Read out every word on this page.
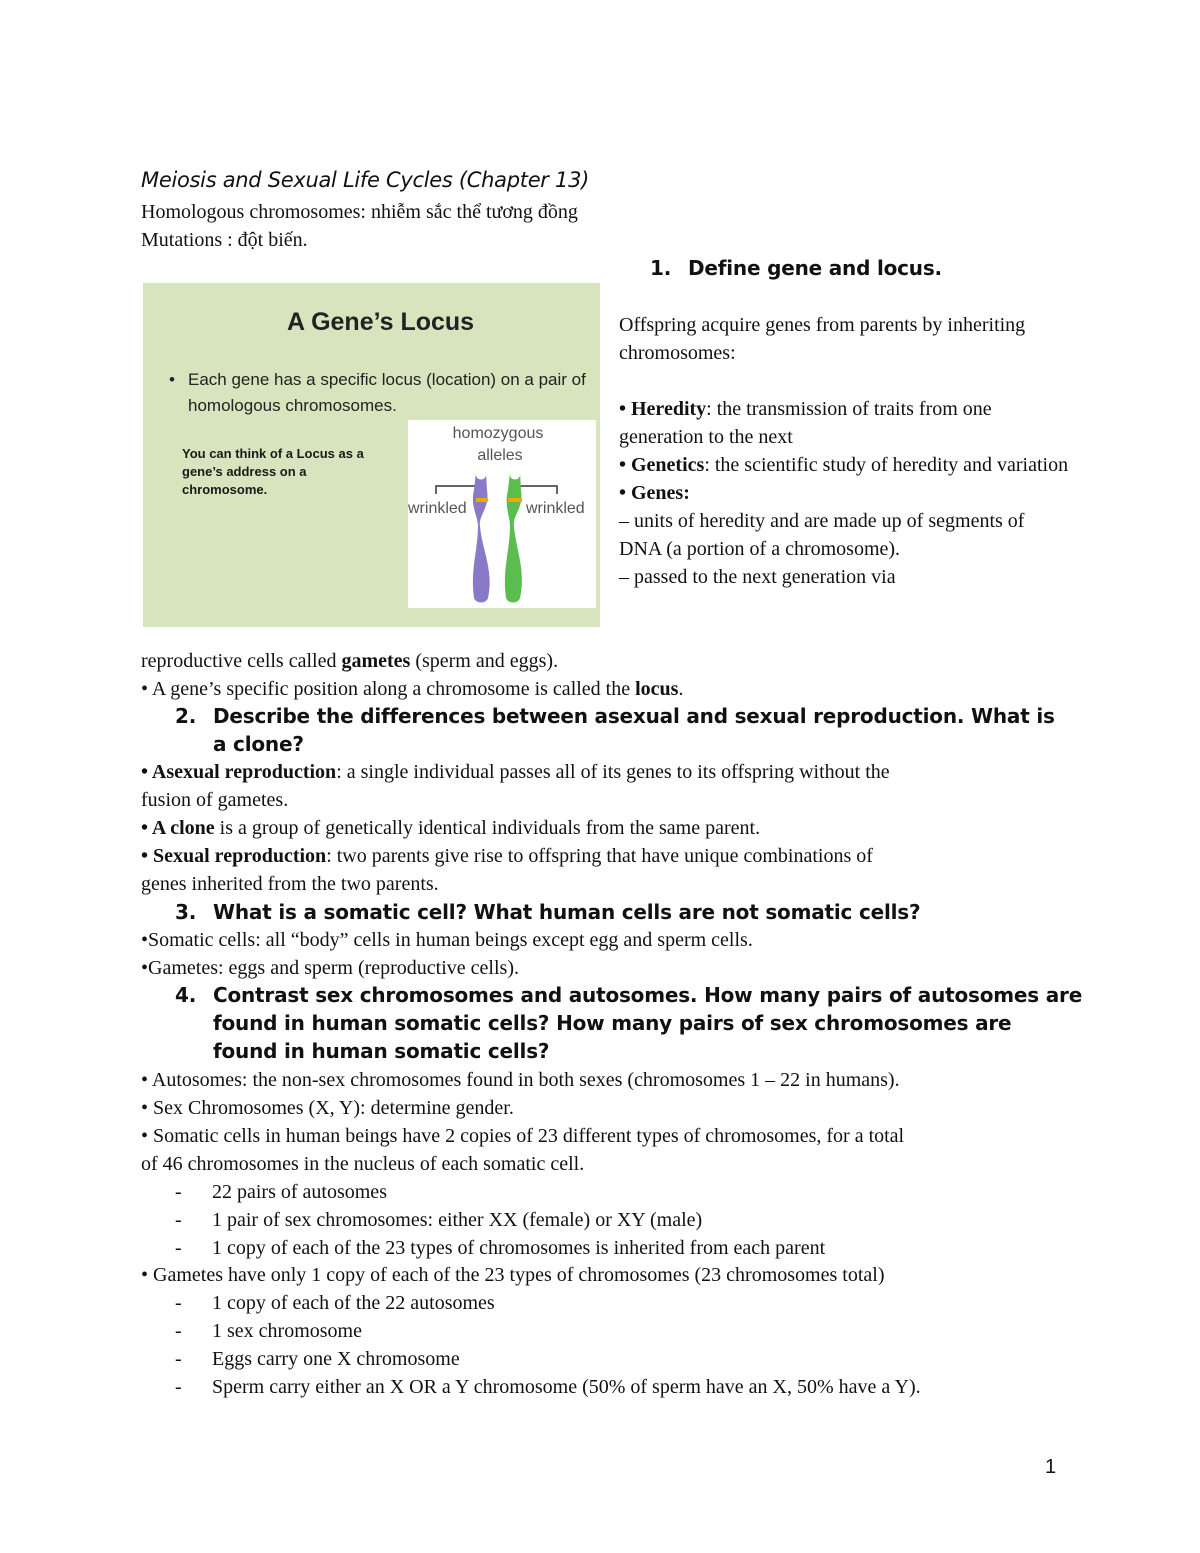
Meiosis and Sexual Life Cycles (Chapter 13)
Homologous chromosomes: nhiễm sắc thể tương đồng
Mutations : đột biến.
1. Define gene and locus.
A Gene’s Locus
• Each gene has a specific locus (location) on a pair of homologous chromosomes.
You can think of a Locus as a gene’s address on a chromosome.
homozygous
alleles
wrinkled	wrinkled

Offspring acquire genes from parents by inheriting chromosomes:

• Heredity: the transmission of traits from one generation to the next

• Genetics: the scientific study of heredity and variation

• Genes:

– units of heredity and are made up of segments of DNA (a portion of a chromosome).

– passed to the next generation via

reproductive cells called gametes (sperm and eggs).
• A gene’s specific position along a chromosome is called the locus.
2. Describe the differences between asexual and sexual reproduction. What is
a clone?
• Asexual reproduction: a single individual passes all of its genes to its offspring without the
fusion of gametes.
• A clone is a group of genetically identical individuals from the same parent.
• Sexual reproduction: two parents give rise to offspring that have unique combinations of
genes inherited from the two parents.
3. What is a somatic cell? What human cells are not somatic cells?
•Somatic cells: all “body” cells in human beings except egg and sperm cells.
•Gametes: eggs and sperm (reproductive cells).
4. Contrast sex chromosomes and autosomes. How many pairs of autosomes are
found in human somatic cells? How many pairs of sex chromosomes are
found in human somatic cells?
• Autosomes: the non-sex chromosomes found in both sexes (chromosomes 1 – 22 in humans).
• Sex Chromosomes (X, Y): determine gender.
• Somatic cells in human beings have 2 copies of 23 different types of chromosomes, for a total
of 46 chromosomes in the nucleus of each somatic cell.
- 22 pairs of autosomes
- 1 pair of sex chromosomes: either XX (female) or XY (male)
- 1 copy of each of the 23 types of chromosomes is inherited from each parent
• Gametes have only 1 copy of each of the 23 types of chromosomes (23 chromosomes total)
- 1 copy of each of the 22 autosomes
- 1 sex chromosome
- Eggs carry one X chromosome
- Sperm carry either an X OR a Y chromosome (50% of sperm have an X, 50% have a Y).
1
